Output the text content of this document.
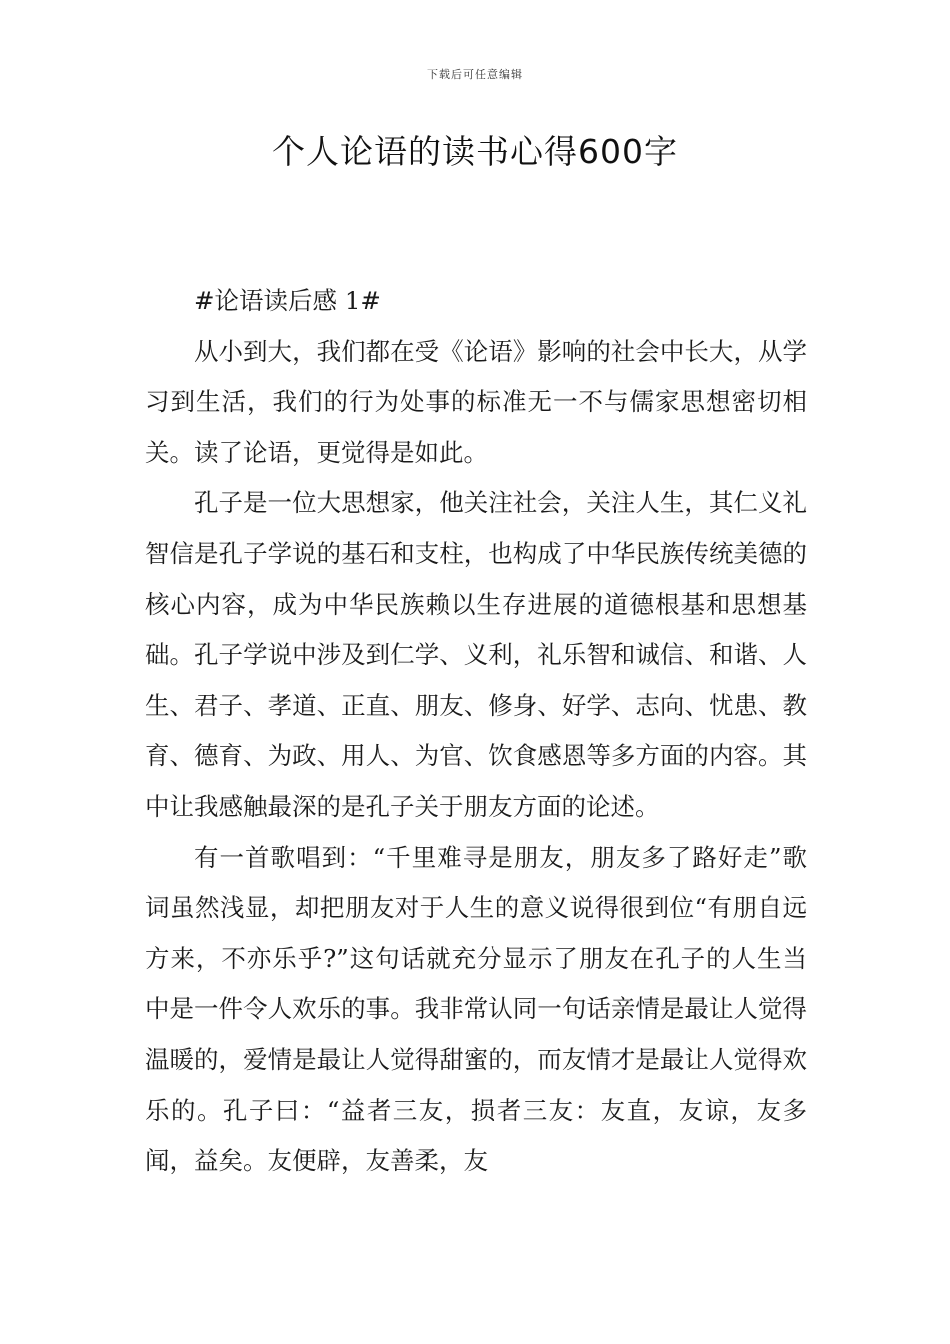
下载后可任意编辑
个人论语的读书心得600字

#论语读后感 1#

从小到大，我们都在受《论语》影响的社会中长大，从学习到生活，我们的行为处事的标准无一不与儒家思想密切相关。读了论语，更觉得是如此。

孔子是一位大思想家，他关注社会，关注人生，其仁义礼智信是孔子学说的基石和支柱，也构成了中华民族传统美德的核心内容，成为中华民族赖以生存进展的道德根基和思想基础。孔子学说中涉及到仁学、义利，礼乐智和诚信、和谐、人生、君子、孝道、正直、朋友、修身、好学、志向、忧患、教育、德育、为政、用人、为官、饮食感恩等多方面的内容。其中让我感触最深的是孔子关于朋友方面的论述。

有一首歌唱到：“千里难寻是朋友，朋友多了路好走”歌词虽然浅显，却把朋友对于人生的意义说得很到位“有朋自远方来，不亦乐乎?”这句话就充分显示了朋友在孔子的人生当中是一件令人欢乐的事。我非常认同一句话亲情是最让人觉得温暖的，爱情是最让人觉得甜蜜的，而友情才是最让人觉得欢乐的。孔子曰：“益者三友，损者三友：友直，友谅，友多闻，益矣。友便辟，友善柔，友
